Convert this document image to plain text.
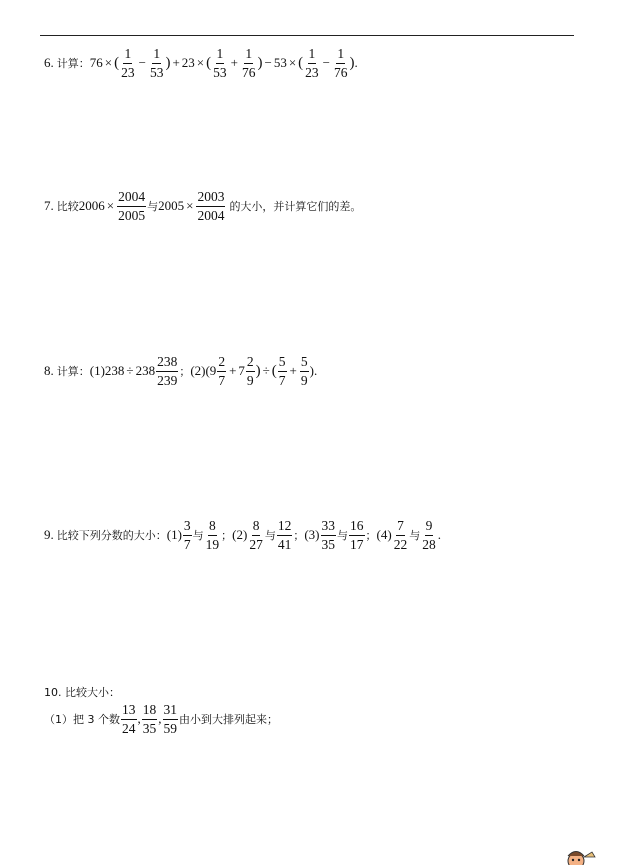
6.
计算： 76 × ( $\frac{1}{23} - \frac{1}{53}$ ) + 23 × ( $\frac{1}{53} + \frac{1}{76}$ ) − 53 × ( $\frac{1}{23} - \frac{1}{76}$ ) .
7.
比较 $2006 \times \frac{2004}{2005}$ 与 $2005 \times \frac{2003}{2004}$
的大小，并计算它们的差。
8.
计算： $(1)238 \div 238 \frac{238}{239}$ ； $(2)(9 \frac{2}{7} + 7 \frac{2}{9}$ ) ÷ ( $\frac{5}{7} + \frac{5}{9}$ ).
9.
比较下列分数的大小： $(1) \frac{3}{7}$ 与 $\frac{8}{19}$ ； $(2) \frac{8}{27}$ 与 $\frac{12}{41}$ ； $(3) \frac{33}{35}$ 与 $\frac{16}{17}$ ； $(4) \frac{7}{22}$ 与 $\frac{9}{28}$ .
10. 比较大小：
（1）把 3 个数 $\frac{13}{24}$ , $\frac{18}{35}$ , $\frac{31}{59}$ 由小到大排列起来；
